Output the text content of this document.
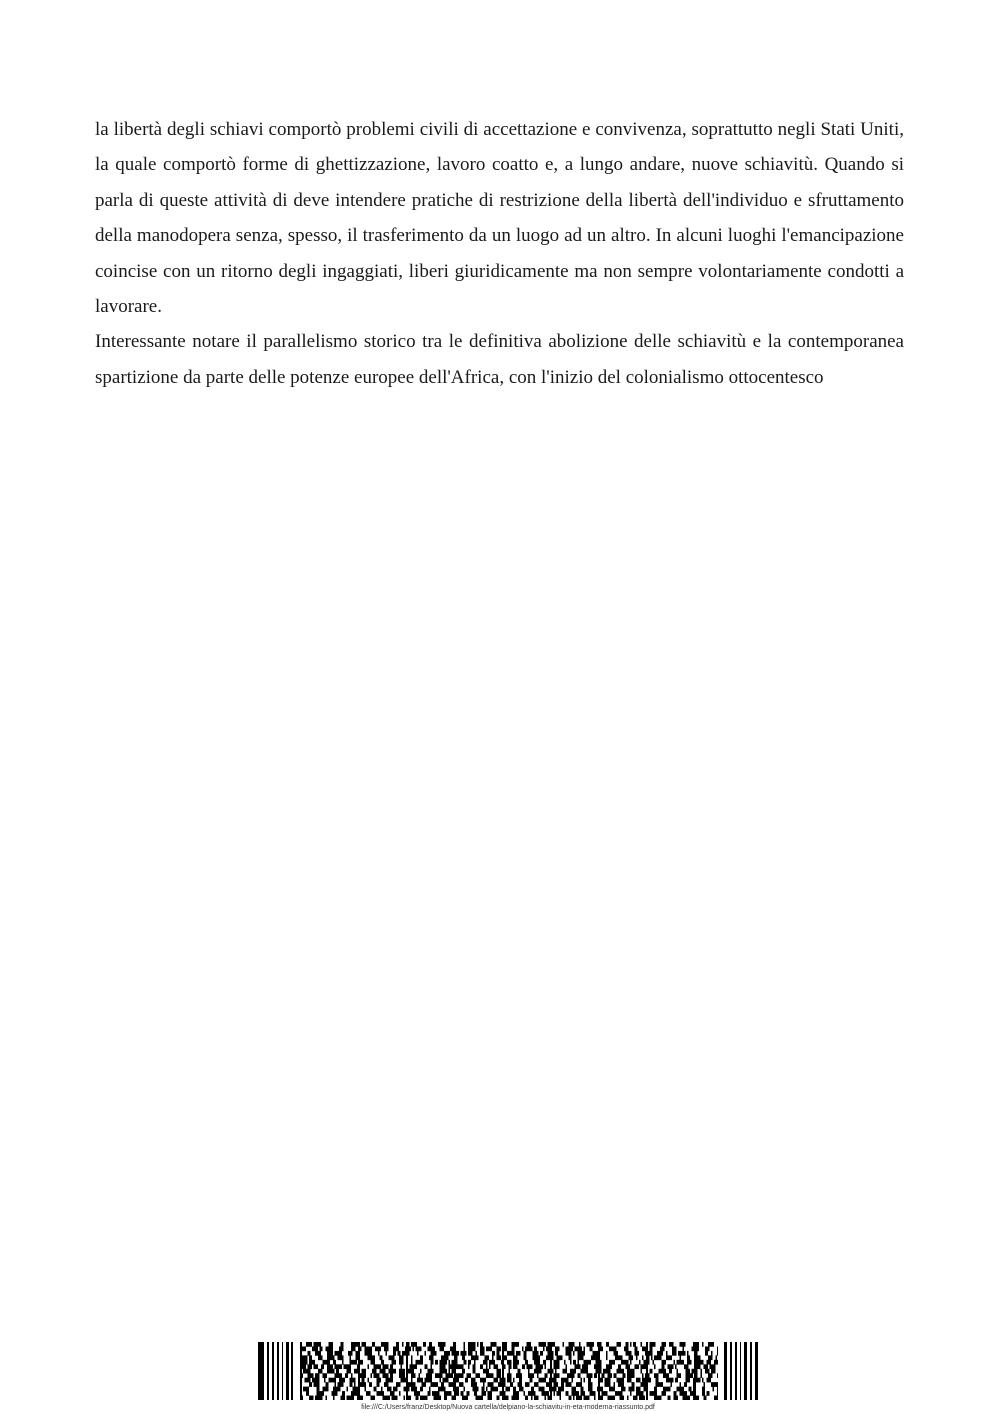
la libertà degli schiavi comportò problemi civili di accettazione e convivenza, soprattutto negli Stati Uniti, la quale comportò forme di ghettizzazione, lavoro coatto e, a lungo andare, nuove schiavitù. Quando si parla di queste attività di deve intendere pratiche di restrizione della libertà dell'individuo e sfruttamento della manodopera senza, spesso, il trasferimento da un luogo ad un altro. In alcuni luoghi l'emancipazione coincise con un ritorno degli ingaggiati, liberi giuridicamente ma non sempre volontariamente condotti a lavorare.

Interessante notare il parallelismo storico tra le definitiva abolizione delle schiavitù e la contemporanea spartizione da parte delle potenze europee dell'Africa, con l'inizio del colonialismo ottocentesco

file:///C:/Users/franz/Desktop/Nuova cartella/delpiano-la-schiavitu-in-eta-moderna-riassunto.pdf
